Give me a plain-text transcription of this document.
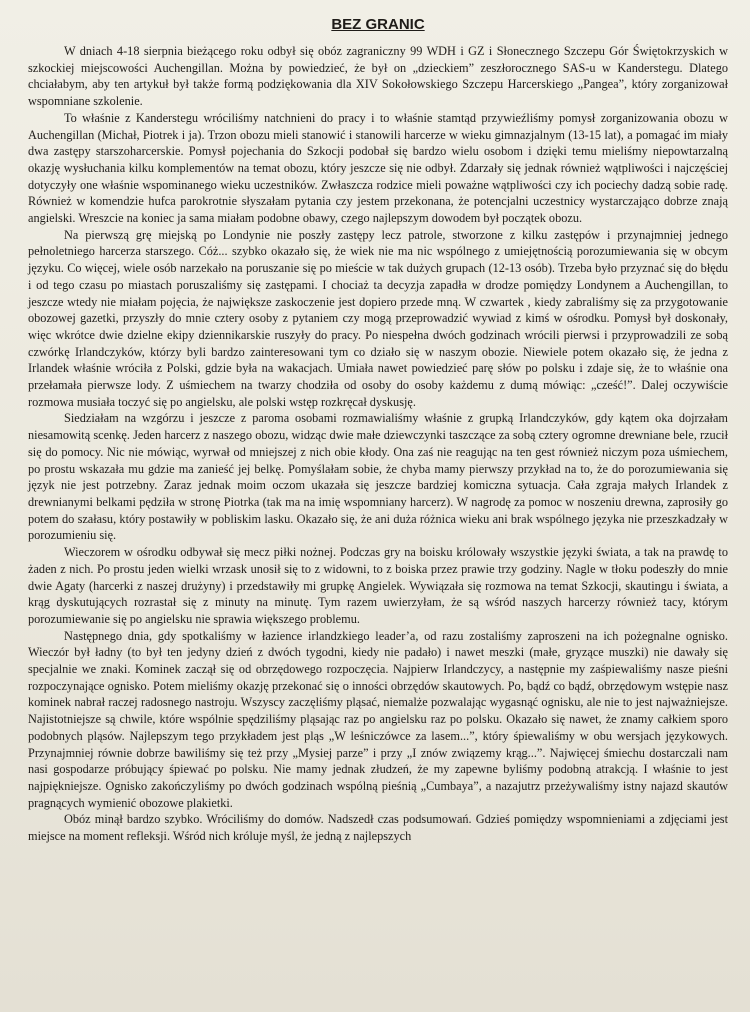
BEZ GRANIC

W dniach 4-18 sierpnia bieżącego roku odbył się obóz zagraniczny 99 WDH i GZ i Słonecznego Szczepu Gór Świętokrzyskich w szkockiej miejscowości Auchengillan. Można by powiedzieć, że był on „dzieckiem” zeszłorocznego SAS-u w Kanderstegu. Dlatego chciałabym, aby ten artykuł był także formą podziękowania dla XIV Sokołowskiego Szczepu Harcerskiego „Pangea”, który zorganizował wspomniane szkolenie.

To właśnie z Kanderstegu wróciliśmy natchnieni do pracy i to właśnie stamtąd przywieźliśmy pomysł zorganizowania obozu w Auchengillan (Michał, Piotrek i ja). Trzon obozu mieli stanowić i stanowili harcerze w wieku gimnazjalnym (13-15 lat), a pomagać im miały dwa zastępy starszoharcerskie. Pomysł pojechania do Szkocji podobał się bardzo wielu osobom i dzięki temu mieliśmy niepowtarzalną okazję wysłuchania kilku komplementów na temat obozu, który jeszcze się nie odbył. Zdarzały się jednak również wątpliwości i najczęściej dotyczyły one właśnie wspominanego wieku uczestników. Zwłaszcza rodzice mieli poważne wątpliwości czy ich pociechy dadzą sobie radę. Również w komendzie hufca parokrotnie słyszałam pytania czy jestem przekonana, że potencjalni uczestnicy wystarczająco dobrze znają angielski. Wreszcie na koniec ja sama miałam podobne obawy, czego najlepszym dowodem był początek obozu.

Na pierwszą grę miejską po Londynie nie poszły zastępy lecz patrole, stworzone z kilku zastępów i przynajmniej jednego pełnoletniego harcerza starszego. Cóż... szybko okazało się, że wiek nie ma nic wspólnego z umiejętnością porozumiewania się w obcym języku. Co więcej, wiele osób narzekało na poruszanie się po mieście w tak dużych grupach (12-13 osób). Trzeba było przyznać się do błędu i od tego czasu po miastach poruszaliśmy się zastępami. I chociaż ta decyzja zapadła w drodze pomiędzy Londynem a Auchengillan, to jeszcze wtedy nie miałam pojęcia, że największe zaskoczenie jest dopiero przede mną. W czwartek , kiedy zabraliśmy się za przygotowanie obozowej gazetki, przyszły do mnie cztery osoby z pytaniem czy mogą przeprowadzić wywiad z kimś w ośrodku. Pomysł był doskonały, więc wkrótce dwie dzielne ekipy dziennikarskie ruszyły do pracy. Po niespełna dwóch godzinach wrócili pierwsi i przyprowadzili ze sobą czwórkę Irlandczyków, którzy byli bardzo zainteresowani tym co działo się w naszym obozie. Niewiele potem okazało się, że jedna z Irlandek właśnie wróciła z Polski, gdzie była na wakacjach. Umiała nawet powiedzieć parę słów po polsku i zdaje się, że to właśnie ona przełamała pierwsze lody. Z uśmiechem na twarzy chodziła od osoby do osoby każdemu z dumą mówiąc: „cześć!”. Dalej oczywiście rozmowa musiała toczyć się po angielsku, ale polski wstęp rozkręcał dyskusję.

Siedziałam na wzgórzu i jeszcze z paroma osobami rozmawialiśmy właśnie z grupką Irlandczyków, gdy kątem oka dojrzałam niesamowitą scenkę. Jeden harcerz z naszego obozu, widząc dwie małe dziewczynki taszczące za sobą cztery ogromne drewniane bele, rzucił się do pomocy. Nic nie mówiąc, wyrwał od mniejszej z nich obie kłody. Ona zaś nie reagując na ten gest również niczym poza uśmiechem, po prostu wskazała mu gdzie ma zanieść jej belkę. Pomyślałam sobie, że chyba mamy pierwszy przykład na to, że do porozumiewania się język nie jest potrzebny. Zaraz jednak moim oczom ukazała się jeszcze bardziej komiczna sytuacja. Cała zgraja małych Irlandek z drewnianymi belkami pędziła w stronę Piotrka (tak ma na imię wspomniany harcerz). W nagrodę za pomoc w noszeniu drewna, zaprosiły go potem do szałasu, który postawiły w pobliskim lasku. Okazało się, że ani duża różnica wieku ani brak wspólnego języka nie przeszkadzały w porozumieniu się.

Wieczorem w ośrodku odbywał się mecz piłki nożnej. Podczas gry na boisku królowały wszystkie języki świata, a tak na prawdę to żaden z nich. Po prostu jeden wielki wrzask unosił się to z widowni, to z boiska przez prawie trzy godziny. Nagle w tłoku podeszły do mnie dwie Agaty (harcerki z naszej drużyny) i przedstawiły mi grupkę Angielek. Wywiązała się rozmowa na temat Szkocji, skautingu i świata, a krąg dyskutujących rozrastał się z minuty na minutę. Tym razem uwierzyłam, że są wśród naszych harcerzy również tacy, którym porozumiewanie się po angielsku nie sprawia większego problemu.

Następnego dnia, gdy spotkaliśmy w łazience irlandzkiego leader’a, od razu zostaliśmy zaproszeni na ich pożegnalne ognisko. Wieczór był ładny (to był ten jedyny dzień z dwóch tygodni, kiedy nie padało) i nawet meszki (małe, gryzące muszki) nie dawały się specjalnie we znaki. Kominek zaczął się od obrzędowego rozpoczęcia. Najpierw Irlandczycy, a następnie my zaśpiewaliśmy nasze pieśni rozpoczynające ognisko. Potem mieliśmy okazję przekonać się o inności obrzędów skautowych. Po, bądź co bądź, obrzędowym wstępie nasz kominek nabrał raczej radosnego nastroju. Wszyscy zaczęliśmy pląsać, niemalże pozwalając wygasnąć ognisku, ale nie to jest najważniejsze. Najistotniejsze są chwile, które wspólnie spędziliśmy pląsając raz po angielsku raz po polsku. Okazało się nawet, że znamy całkiem sporo podobnych pląsów. Najlepszym tego przykładem jest pląs „W leśniczówce za lasem...”, który śpiewaliśmy w obu wersjach językowych. Przynajmniej równie dobrze bawiliśmy się też przy „Mysiej parze” i przy „I znów związemy krąg...”. Najwięcej śmiechu dostarczali nam nasi gospodarze próbujący śpiewać po polsku. Nie mamy jednak złudzeń, że my zapewne byliśmy podobną atrakcją. I właśnie to jest najpiękniejsze. Ognisko zakończyliśmy po dwóch godzinach wspólną pieśnią „Cumbaya”, a nazajutrz przeżywaliśmy istny najazd skautów pragnących wymienić obozowe plakietki.

Obóz minął bardzo szybko. Wróciliśmy do domów. Nadszedł czas podsumowań. Gdzieś pomiędzy wspomnieniami a zdjęciami jest miejsce na moment refleksji. Wśród nich króluje myśl, że jedną z najlepszych
